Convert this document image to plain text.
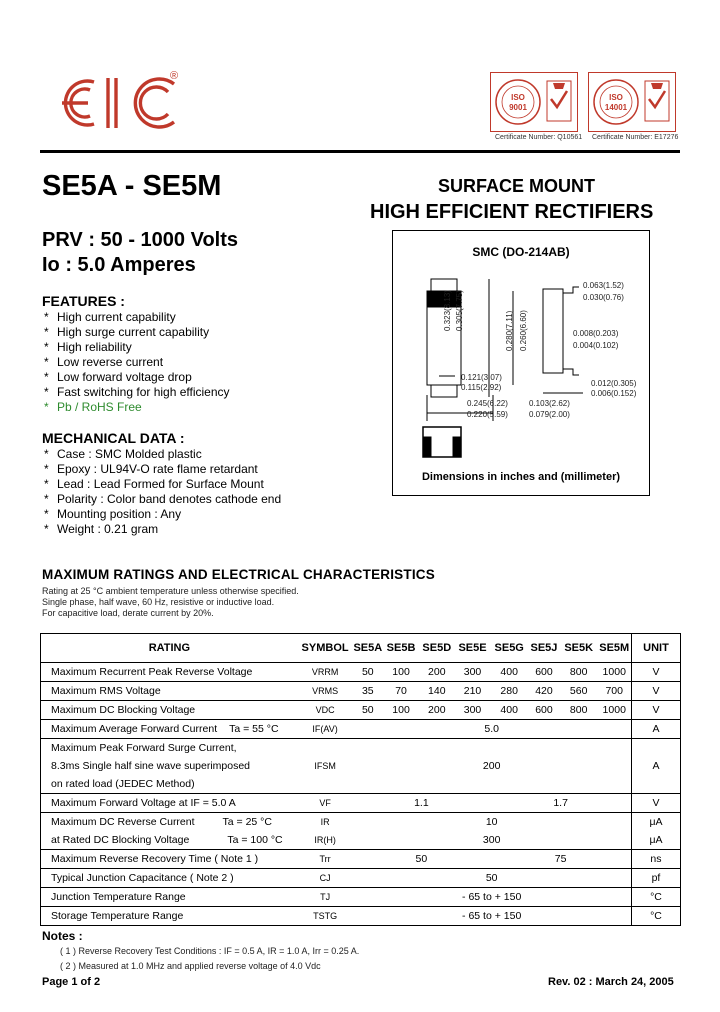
®
ISO
9001
ISO
14001
Certificate Number: Q10561 Certificate Number: E17276
SE5A - SE5M	SURFACE MOUNT
HIGH EFFICIENT RECTIFIERS
PRV : 50 - 1000 Volts
Io : 5.0 Amperes
FEATURES :
* High current capability
* High surge current capability
* High reliability
* Low reverse current
* Low forward voltage drop
* Fast switching for high efficiency
* Pb / RoHS Free
MECHANICAL DATA :
* Case : SMC Molded plastic
* Epoxy : UL94V-O rate flame retardant
* Lead : Lead Formed for Surface Mount
* Polarity : Color band denotes cathode end
* Mounting position : Any
* Weight : 0.21 gram
SMC (DO-214AB)
0.063(1.52)
0.030(0.76)
0.008(0.203)
0.004(0.102)
0.012(0.305)
0.006(0.152)
0.103(2.62)
0.079(2.00)
0.121(3.07)
0.115(2.92)
0.245(6.22)
0.220(5.59)
0.323(8.13) 0.305(7.75)	0.280(7.11) 0.260(6.60)
Dimensions in inches and (millimeter)
MAXIMUM RATINGS AND ELECTRICAL CHARACTERISTICS
Rating at 25 °C ambient temperature unless otherwise specified.
Single phase, half wave, 60 Hz, resistive or inductive load.
For capacitive load, derate current by 20%.
RATING	SYMBOL	SE5A	SE5B	SE5D	SE5E	SE5G	SE5J	SE5K	SE5M	UNIT
Maximum Recurrent Peak Reverse Voltage	VRRM	50	100	200	300	400	600	800	1000	V
Maximum RMS Voltage	VRMS	35	70	140	210	280	420	560	700	V
Maximum DC Blocking Voltage	VDC	50	100	200	300	400	600	800	1000	V
Maximum Average Forward Current Ta = 55 °C	IF(AV)	5.0								A
Maximum Peak Forward Surge Current,										
8.3ms Single half sine wave superimposed	IFSM	200								A
on rated load (JEDEC Method)										
Maximum Forward Voltage at IF = 5.0 A	VF	1.1				1.7				V
Maximum DC Reverse Current Ta = 25 °C	IR	10								μA
at Rated DC Blocking Voltage Ta = 100 °C	IR(H)	300								μA
Maximum Reverse Recovery Time ( Note 1 )	Trr	50				75				ns
Typical Junction Capacitance ( Note 2 )	CJ	50								pf
Junction Temperature Range	TJ	- 65 to + 150								°C
Storage Temperature Range	TSTG	- 65 to + 150								°C
Notes :
( 1 ) Reverse Recovery Test Conditions : IF = 0.5 A, IR = 1.0 A, Irr = 0.25 A.
( 2 ) Measured at 1.0 MHz and applied reverse voltage of 4.0 Vdc
Page 1 of 2	Rev. 02 : March 24, 2005
